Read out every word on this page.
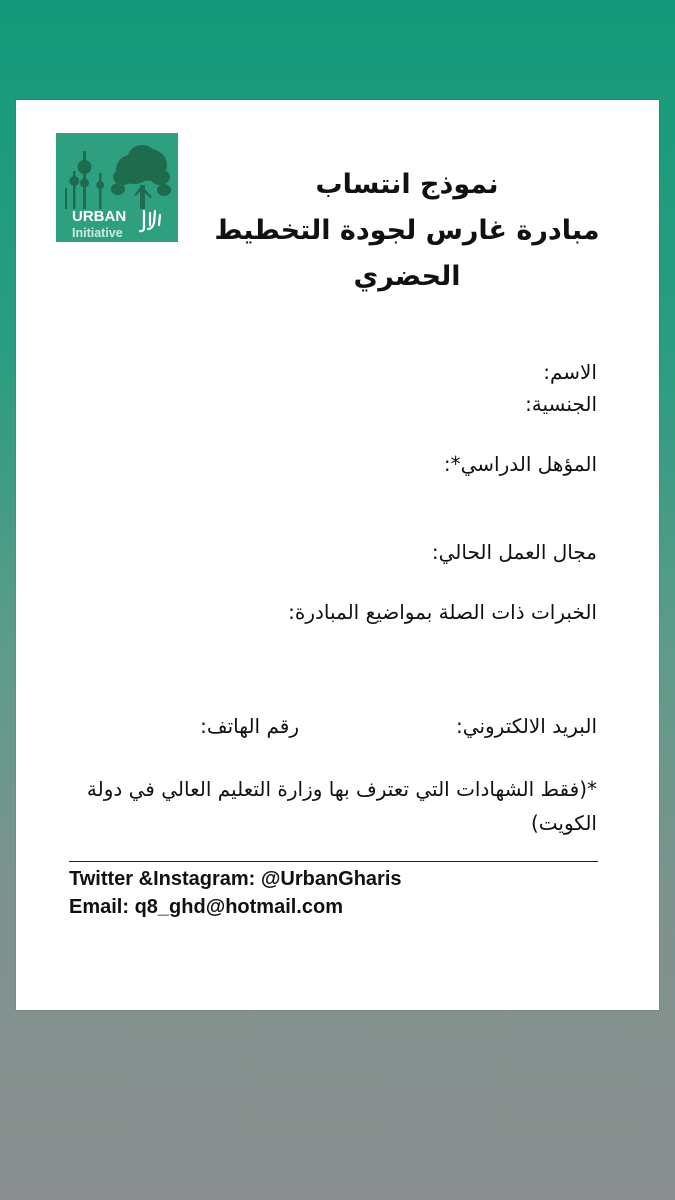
URBAN
Initiative
نموذج انتساب
مبادرة غارس لجودة التخطيط
الحضري
الاسم:
الجنسية:
المؤهل الدراسي*:
مجال العمل الحالي:
الخبرات ذات الصلة بمواضيع المبادرة:
البريد الالكتروني:
رقم الهاتف:
*(فقط الشهادات التي تعترف بها وزارة التعليم العالي في دولة الكويت)
Twitter &Instagram: @UrbanGharis
Email: q8_ghd@hotmail.com
